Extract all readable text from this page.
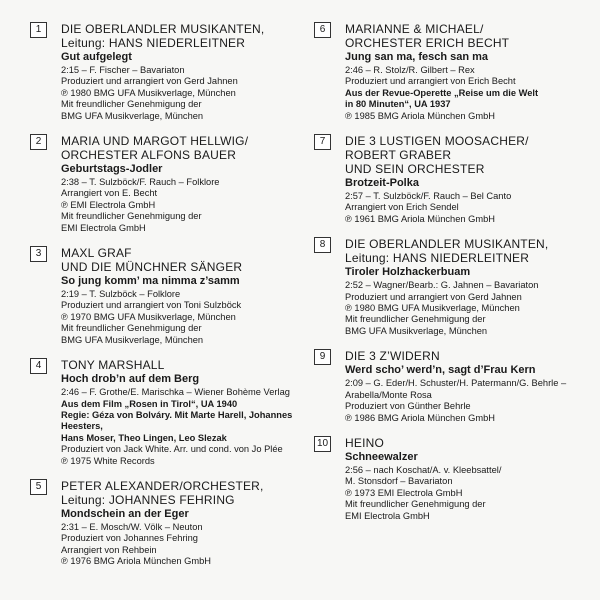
1	DIE OBERLANDLER MUSIKANTEN,
Leitung: HANS NIEDERLEITNER
Gut aufgelegt
2:15 – F. Fischer – Bavariaton
Produziert und arrangiert von Gerd Jahnen
℗ 1980 BMG UFA Musikverlage, München
Mit freundlicher Genehmigung der
BMG UFA Musikverlage, München
2	MARIA UND MARGOT HELLWIG/
ORCHESTER ALFONS BAUER
Geburtstags-Jodler
2:38 – T. Sulzböck/F. Rauch – Folklore
Arrangiert von E. Becht
℗ EMI Electrola GmbH
Mit freundlicher Genehmigung der
EMI Electrola GmbH
3	MAXL GRAF
UND DIE MÜNCHNER SÄNGER
So jung komm’ ma nimma z’samm
2:19 – T. Sulzböck – Folklore
Produziert und arrangiert von Toni Sulzböck
℗ 1970 BMG UFA Musikverlage, München
Mit freundlicher Genehmigung der
BMG UFA Musikverlage, München
4	TONY MARSHALL
Hoch drob’n auf dem Berg
2:46 – F. Grothe/E. Marischka – Wiener Bohème Verlag
Aus dem Film „Rosen in Tirol“, UA 1940
Regie: Géza von Bolváry. Mit Marte Harell, Johannes Heesters,
Hans Moser, Theo Lingen, Leo Slezak
Produziert von Jack White. Arr. und cond. von Jo Plée
℗ 1975 White Records
5	PETER ALEXANDER/ORCHESTER,
Leitung: JOHANNES FEHRING
Mondschein an der Eger
2:31 – E. Mosch/W. Völk – Neuton
Produziert von Johannes Fehring
Arrangiert von Rehbein
℗ 1976 BMG Ariola München GmbH
6	MARIANNE & MICHAEL/
ORCHESTER ERICH BECHT
Jung san ma, fesch san ma
2:46 – R. Stolz/R. Gilbert – Rex
Produziert und arrangiert von Erich Becht
Aus der Revue-Operette „Reise um die Welt
in 80 Minuten“, UA 1937
℗ 1985 BMG Ariola München GmbH
7	DIE 3 LUSTIGEN MOOSACHER/
ROBERT GRABER
UND SEIN ORCHESTER
Brotzeit-Polka
2:57 – T. Sulzböck/F. Rauch – Bel Canto
Arrangiert von Erich Sendel
℗ 1961 BMG Ariola München GmbH
8	DIE OBERLANDLER MUSIKANTEN,
Leitung: HANS NIEDERLEITNER
Tiroler Holzhackerbuam
2:52 – Wagner/Bearb.: G. Jahnen – Bavariaton
Produziert und arrangiert von Gerd Jahnen
℗ 1980 BMG UFA Musikverlage, München
Mit freundlicher Genehmigung der
BMG UFA Musikverlage, München
9	DIE 3 Z’WIDERN
Werd scho’ werd’n, sagt d’Frau Kern
2:09 – G. Eder/H. Schuster/H. Patermann/G. Behrle –
Arabella/Monte Rosa
Produziert von Günther Behrle
℗ 1986 BMG Ariola München GmbH
10 HEINO
Schneewalzer
2:56 – nach Koschat/A. v. Kleebsattel/
M. Stonsdorf – Bavariaton
℗ 1973 EMI Electrola GmbH
Mit freundlicher Genehmigung der
EMI Electrola GmbH
